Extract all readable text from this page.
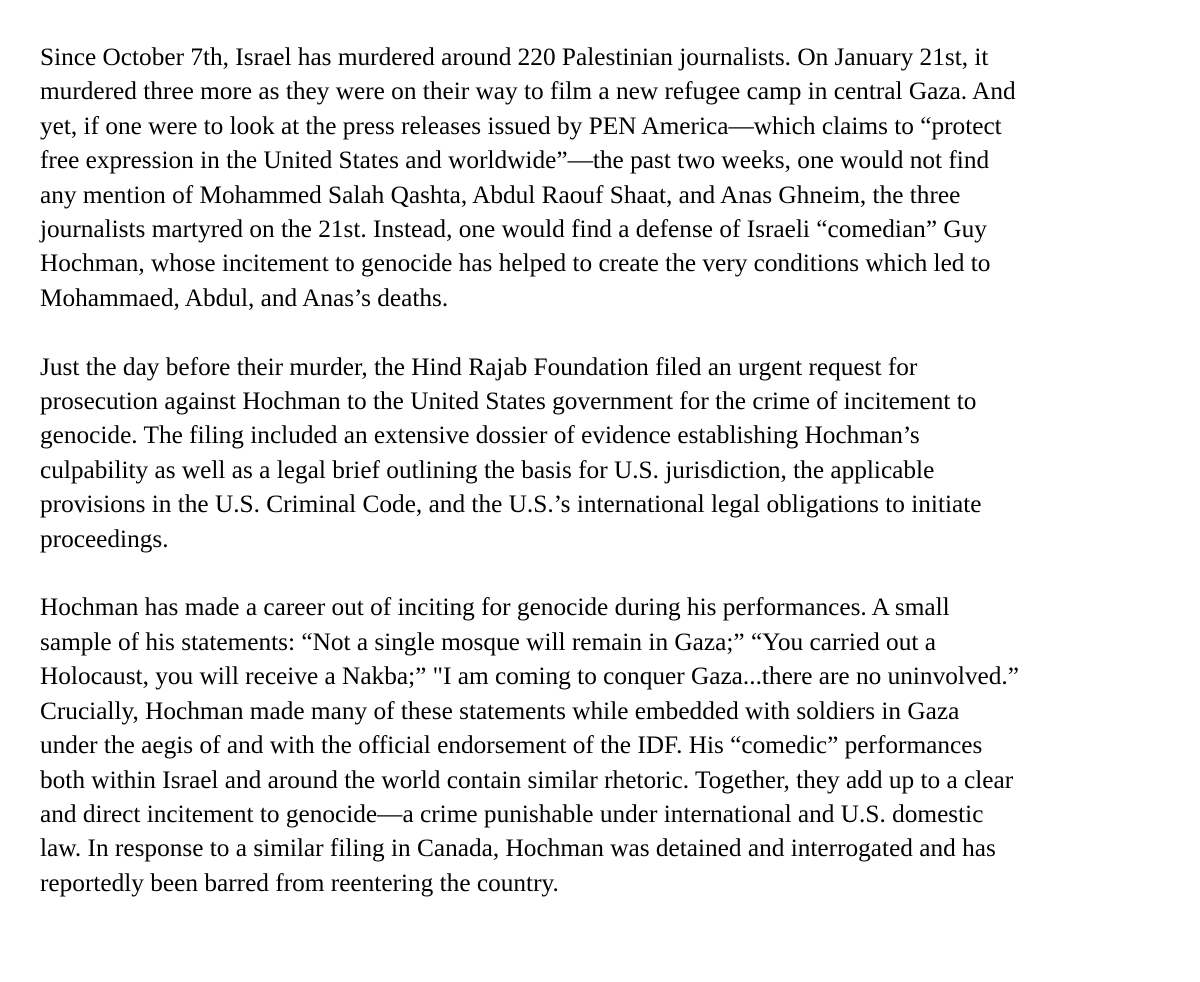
Since October 7th, Israel has murdered around 220 Palestinian journalists. On January 21st, it
murdered three more as they were on their way to film a new refugee camp in central Gaza. And
yet, if one were to look at the press releases issued by PEN America—which claims to “protect
free expression in the United States and worldwide”—the past two weeks, one would not find
any mention of Mohammed Salah Qashta, Abdul Raouf Shaat, and Anas Ghneim, the three
journalists martyred on the 21st. Instead, one would find a defense of Israeli “comedian” Guy
Hochman, whose incitement to genocide has helped to create the very conditions which led to
Mohammaed, Abdul, and Anas’s deaths.

Just the day before their murder, the Hind Rajab Foundation filed an urgent request for
prosecution against Hochman to the United States government for the crime of incitement to
genocide. The filing included an extensive dossier of evidence establishing Hochman’s
culpability as well as a legal brief outlining the basis for U.S. jurisdiction, the applicable
provisions in the U.S. Criminal Code, and the U.S.’s international legal obligations to initiate
proceedings.

Hochman has made a career out of inciting for genocide during his performances. A small
sample of his statements: “Not a single mosque will remain in Gaza;” “You carried out a
Holocaust, you will receive a Nakba;” "I am coming to conquer Gaza...there are no uninvolved.”
Crucially, Hochman made many of these statements while embedded with soldiers in Gaza
under the aegis of and with the official endorsement of the IDF. His “comedic” performances
both within Israel and around the world contain similar rhetoric. Together, they add up to a clear
and direct incitement to genocide—a crime punishable under international and U.S. domestic
law. In response to a similar filing in Canada, Hochman was detained and interrogated and has
reportedly been barred from reentering the country.
